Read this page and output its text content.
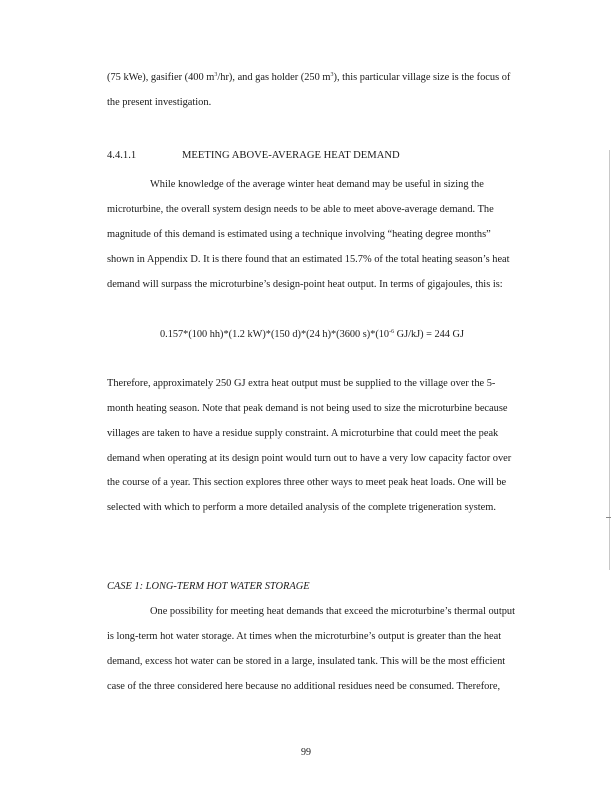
(75 kWe), gasifier (400 $m^3/hr$), and gas holder (250 $m^3$), this particular village size is the focus of
the present investigation.
4.4.1.1	MEETING ABOVE-AVERAGE HEAT DEMAND
While knowledge of the average winter heat demand may be useful in sizing the
microturbine, the overall system design needs to be able to meet above-average demand. The
magnitude of this demand is estimated using a technique involving “heating degree months”
shown in Appendix D. It is there found that an estimated 15.7% of the total heating season’s heat
demand will surpass the microturbine’s design-point heat output. In terms of gigajoules, this is:
0.157*(100 hh)*(1.2 kW)*(150 d)*(24 h)*(3600 $s)*(10^{-6}$ GJ/kJ) = 244 GJ
Therefore, approximately 250 GJ extra heat output must be supplied to the village over the 5-
month heating season. Note that peak demand is not being used to size the microturbine because
villages are taken to have a residue supply constraint. A microturbine that could meet the peak
demand when operating at its design point would turn out to have a very low capacity factor over
the course of a year. This section explores three other ways to meet peak heat loads. One will be
selected with which to perform a more detailed analysis of the complete trigeneration system.
CASE 1: LONG-TERM HOT WATER STORAGE
One possibility for meeting heat demands that exceed the microturbine’s thermal output
is long-term hot water storage. At times when the microturbine’s output is greater than the heat
demand, excess hot water can be stored in a large, insulated tank. This will be the most efficient
case of the three considered here because no additional residues need be consumed. Therefore,
99
